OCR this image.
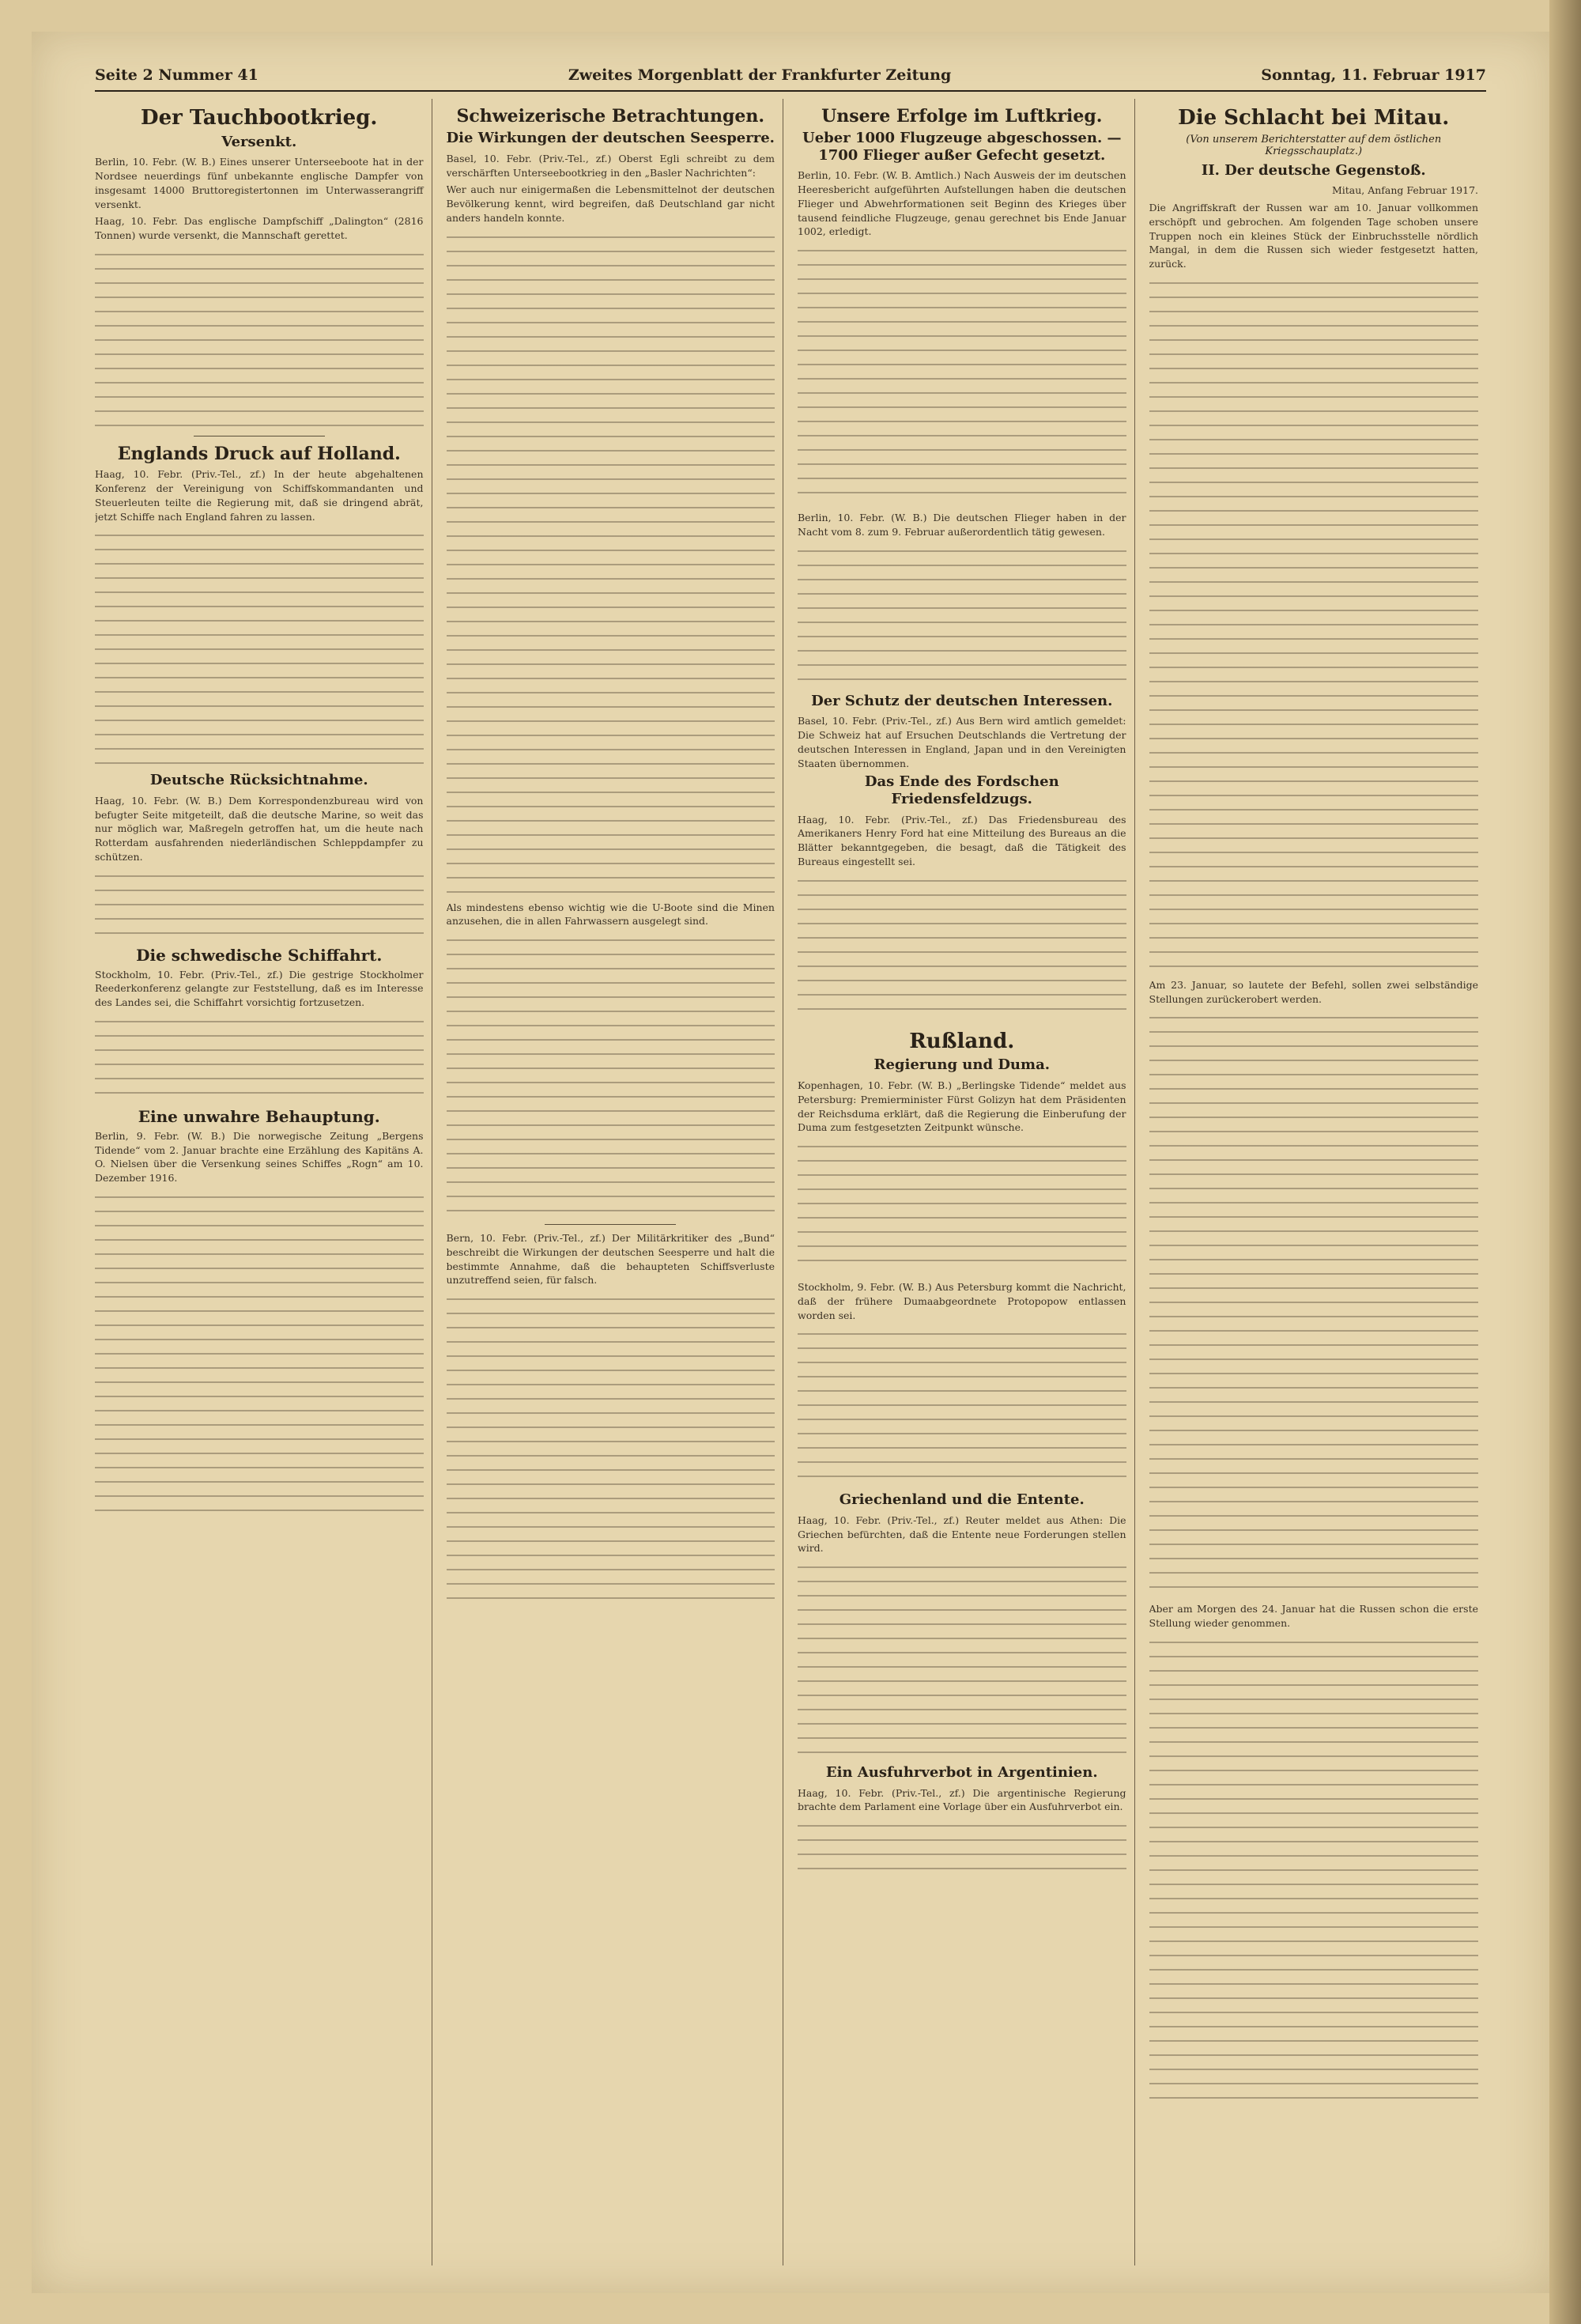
Seite 2 Nummer 41	Zweites Morgenblatt der Frankfurter Zeitung	Sonntag, 11. Februar 1917
Der Tauchbootkrieg.
Versenkt.

Berlin, 10. Febr. (W. B.) Eines unserer Unterseeboote hat in der Nordsee neuerdings fünf unbekannte englische Dampfer von insgesamt 14000 Bruttoregistertonnen im Unterwasserangriff versenkt.

Haag, 10. Febr. Das englische Dampfschiff „Dalington“ (2816 Tonnen) wurde versenkt, die Mannschaft gerettet.

Englands Druck auf Holland.

Haag, 10. Febr. (Priv.-Tel., zf.) In der heute abgehaltenen Konferenz der Vereinigung von Schiffskommandanten und Steuerleuten teilte die Regierung mit, daß sie dringend abrät, jetzt Schiffe nach England fahren zu lassen.

Deutsche Rücksichtnahme.

Haag, 10. Febr. (W. B.) Dem Korrespondenzbureau wird von befugter Seite mitgeteilt, daß die deutsche Marine, so weit das nur möglich war, Maßregeln getroffen hat, um die heute nach Rotterdam ausfahrenden niederländischen Schleppdampfer zu schützen.

Die schwedische Schiffahrt.

Stockholm, 10. Febr. (Priv.-Tel., zf.) Die gestrige Stockholmer Reederkonferenz gelangte zur Feststellung, daß es im Interesse des Landes sei, die Schiffahrt vorsichtig fortzusetzen.

Eine unwahre Behauptung.

Berlin, 9. Febr. (W. B.) Die norwegische Zeitung „Bergens Tidende“ vom 2. Januar brachte eine Erzählung des Kapitäns A. O. Nielsen über die Versenkung seines Schiffes „Rogn“ am 10. Dezember 1916.

Schweizerische Betrachtungen.
Die Wirkungen der deutschen Seesperre.

Basel, 10. Febr. (Priv.-Tel., zf.) Oberst Egli schreibt zu dem verschärften Unterseebootkrieg in den „Basler Nachrichten“:

Wer auch nur einigermaßen die Lebensmittelnot der deutschen Bevölkerung kennt, wird begreifen, daß Deutschland gar nicht anders handeln konnte.

Als mindestens ebenso wichtig wie die U-Boote sind die Minen anzusehen, die in allen Fahrwassern ausgelegt sind.

Bern, 10. Febr. (Priv.-Tel., zf.) Der Militärkritiker des „Bund“ beschreibt die Wirkungen der deutschen Seesperre und halt die bestimmte Annahme, daß die behaupteten Schiffsverluste unzutreffend seien, für falsch.

Unsere Erfolge im Luftkrieg.
Ueber 1000 Flugzeuge abgeschossen. — 1700 Flieger außer Gefecht gesetzt.

Berlin, 10. Febr. (W. B. Amtlich.) Nach Ausweis der im deutschen Heeresbericht aufgeführten Aufstellungen haben die deutschen Flieger und Abwehrformationen seit Beginn des Krieges über tausend feindliche Flugzeuge, genau gerechnet bis Ende Januar 1002, erledigt.

Berlin, 10. Febr. (W. B.) Die deutschen Flieger haben in der Nacht vom 8. zum 9. Februar außerordentlich tätig gewesen.

Der Schutz der deutschen Interessen.

Basel, 10. Febr. (Priv.-Tel., zf.) Aus Bern wird amtlich gemeldet: Die Schweiz hat auf Ersuchen Deutschlands die Vertretung der deutschen Interessen in England, Japan und in den Vereinigten Staaten übernommen.

Das Ende des Fordschen Friedensfeldzugs.

Haag, 10. Febr. (Priv.-Tel., zf.) Das Friedensbureau des Amerikaners Henry Ford hat eine Mitteilung des Bureaus an die Blätter bekanntgegeben, die besagt, daß die Tätigkeit des Bureaus eingestellt sei.

Rußland.
Regierung und Duma.

Kopenhagen, 10. Febr. (W. B.) „Berlingske Tidende“ meldet aus Petersburg: Premierminister Fürst Golizyn hat dem Präsidenten der Reichsduma erklärt, daß die Regierung die Einberufung der Duma zum festgesetzten Zeitpunkt wünsche.

Stockholm, 9. Febr. (W. B.) Aus Petersburg kommt die Nachricht, daß der frühere Dumaabgeordnete Protopopow entlassen worden sei.

Griechenland und die Entente.

Haag, 10. Febr. (Priv.-Tel., zf.) Reuter meldet aus Athen: Die Griechen befürchten, daß die Entente neue Forderungen stellen wird.

Ein Ausfuhrverbot in Argentinien.

Haag, 10. Febr. (Priv.-Tel., zf.) Die argentinische Regierung brachte dem Parlament eine Vorlage über ein Ausfuhrverbot ein.

Die Schlacht bei Mitau.
(Von unserem Berichterstatter auf dem östlichen Kriegsschauplatz.)
II. Der deutsche Gegenstoß.

Mitau, Anfang Februar 1917.

Die Angriffskraft der Russen war am 10. Januar vollkommen erschöpft und gebrochen. Am folgenden Tage schoben unsere Truppen noch ein kleines Stück der Einbruchsstelle nördlich Mangal, in dem die Russen sich wieder festgesetzt hatten, zurück.

Am 23. Januar, so lautete der Befehl, sollen zwei selbständige Stellungen zurückerobert werden.

Aber am Morgen des 24. Januar hat die Russen schon die erste Stellung wieder genommen.
